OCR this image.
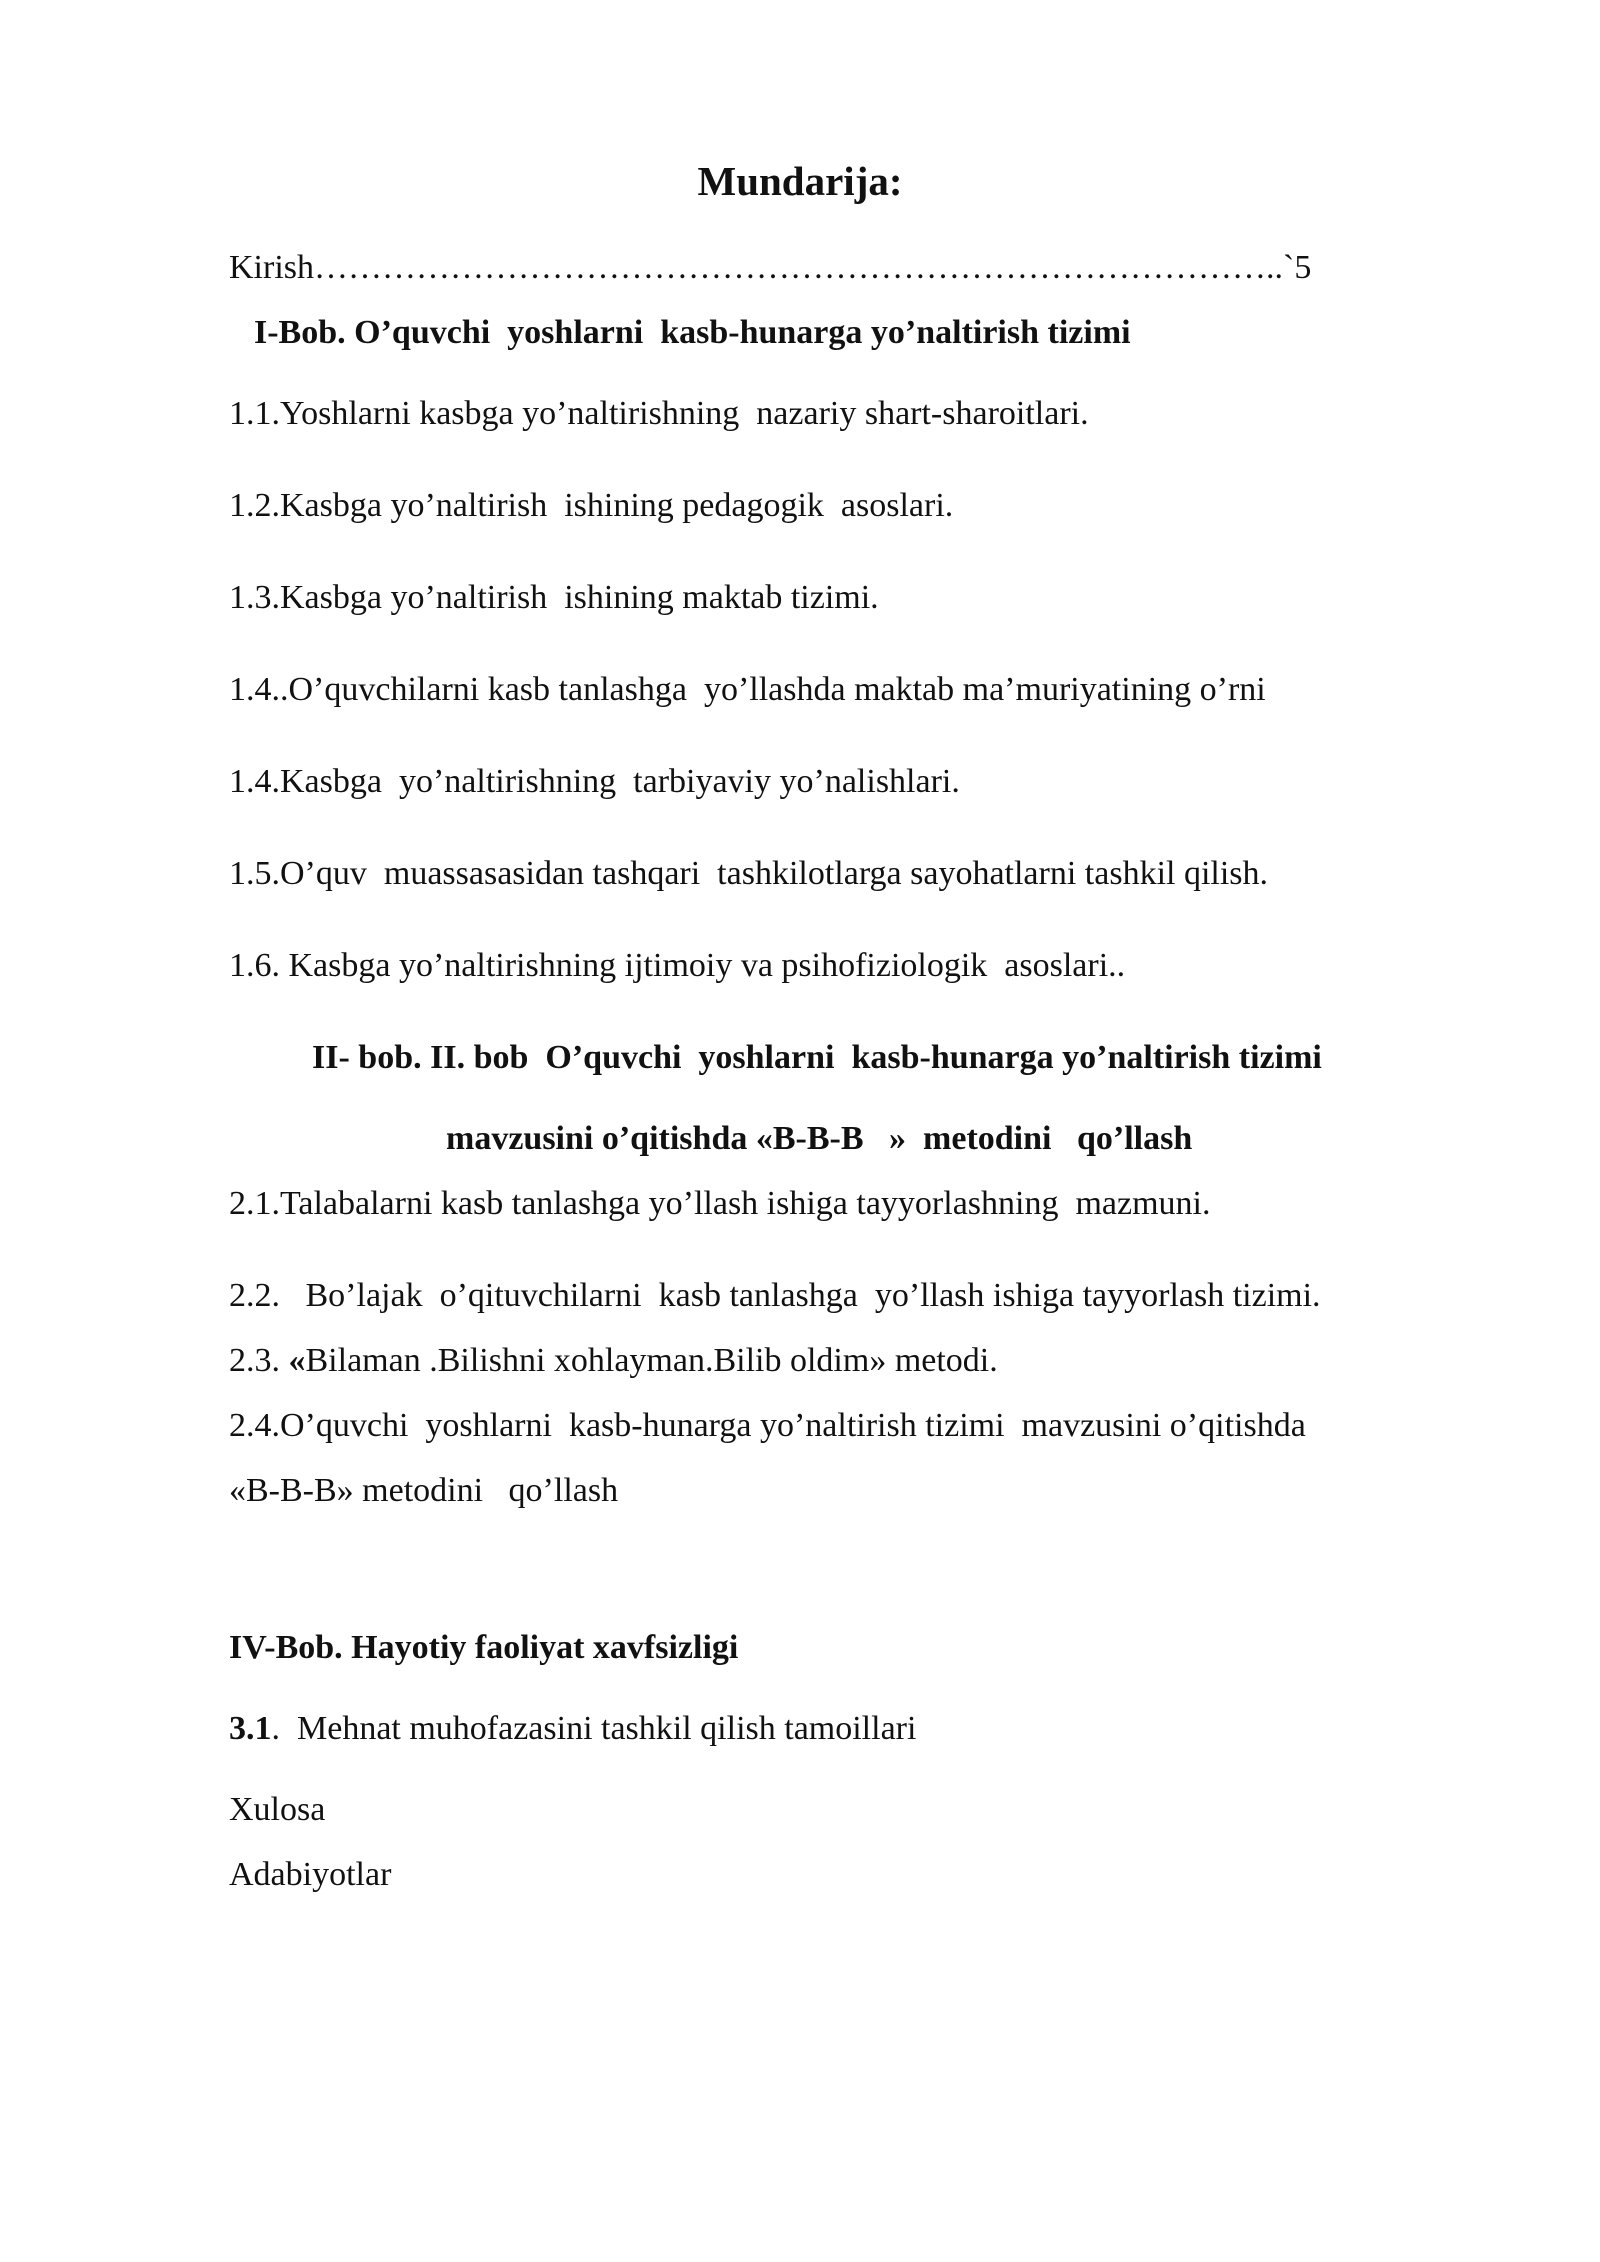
Mundarija:
Kirish…………………………………………………………………………..`5
I-Bob. O’quvchi  yoshlarni  kasb-hunarga yo’naltirish tizimi
1.1.Yoshlarni kasbga yo’naltirishning  nazariy shart-sharoitlari.
1.2.Kasbga yo’naltirish  ishining pedagogik  asoslari.
1.3.Kasbga yo’naltirish  ishining maktab tizimi.
1.4..O’quvchilarni kasb tanlashga  yo’llashda maktab ma’muriyatining o’rni
1.4.Kasbga  yo’naltirishning  tarbiyaviy yo’nalishlari.
1.5.O’quv  muassasasidan tashqari  tashkilotlarga sayohatlarni tashkil qilish.
1.6. Kasbga yo’naltirishning ijtimoiy va psihofiziologik  asoslari..
II- bob. II. bob  O’quvchi  yoshlarni  kasb-hunarga yo’naltirish tizimi
mavzusini o’qitishda «B-B-B   »  metodini   qo’llash
2.1.Talabalarni kasb tanlashga yo’llash ishiga tayyorlashning  mazmuni.
2.2.   Bo’lajak  o’qituvchilarni  kasb tanlashga  yo’llash ishiga tayyorlash tizimi.
2.3. «Bilaman .Bilishni xohlayman.Bilib oldim» metodi.
2.4.O’quvchi  yoshlarni  kasb-hunarga yo’naltirish tizimi  mavzusini o’qitishda
«B-B-B» metodini   qo’llash
IV-Bob. Hayotiy faoliyat xavfsizligi
3.1.  Mehnat muhofazasini tashkil qilish tamoillari
Xulosa
Adabiyotlar
